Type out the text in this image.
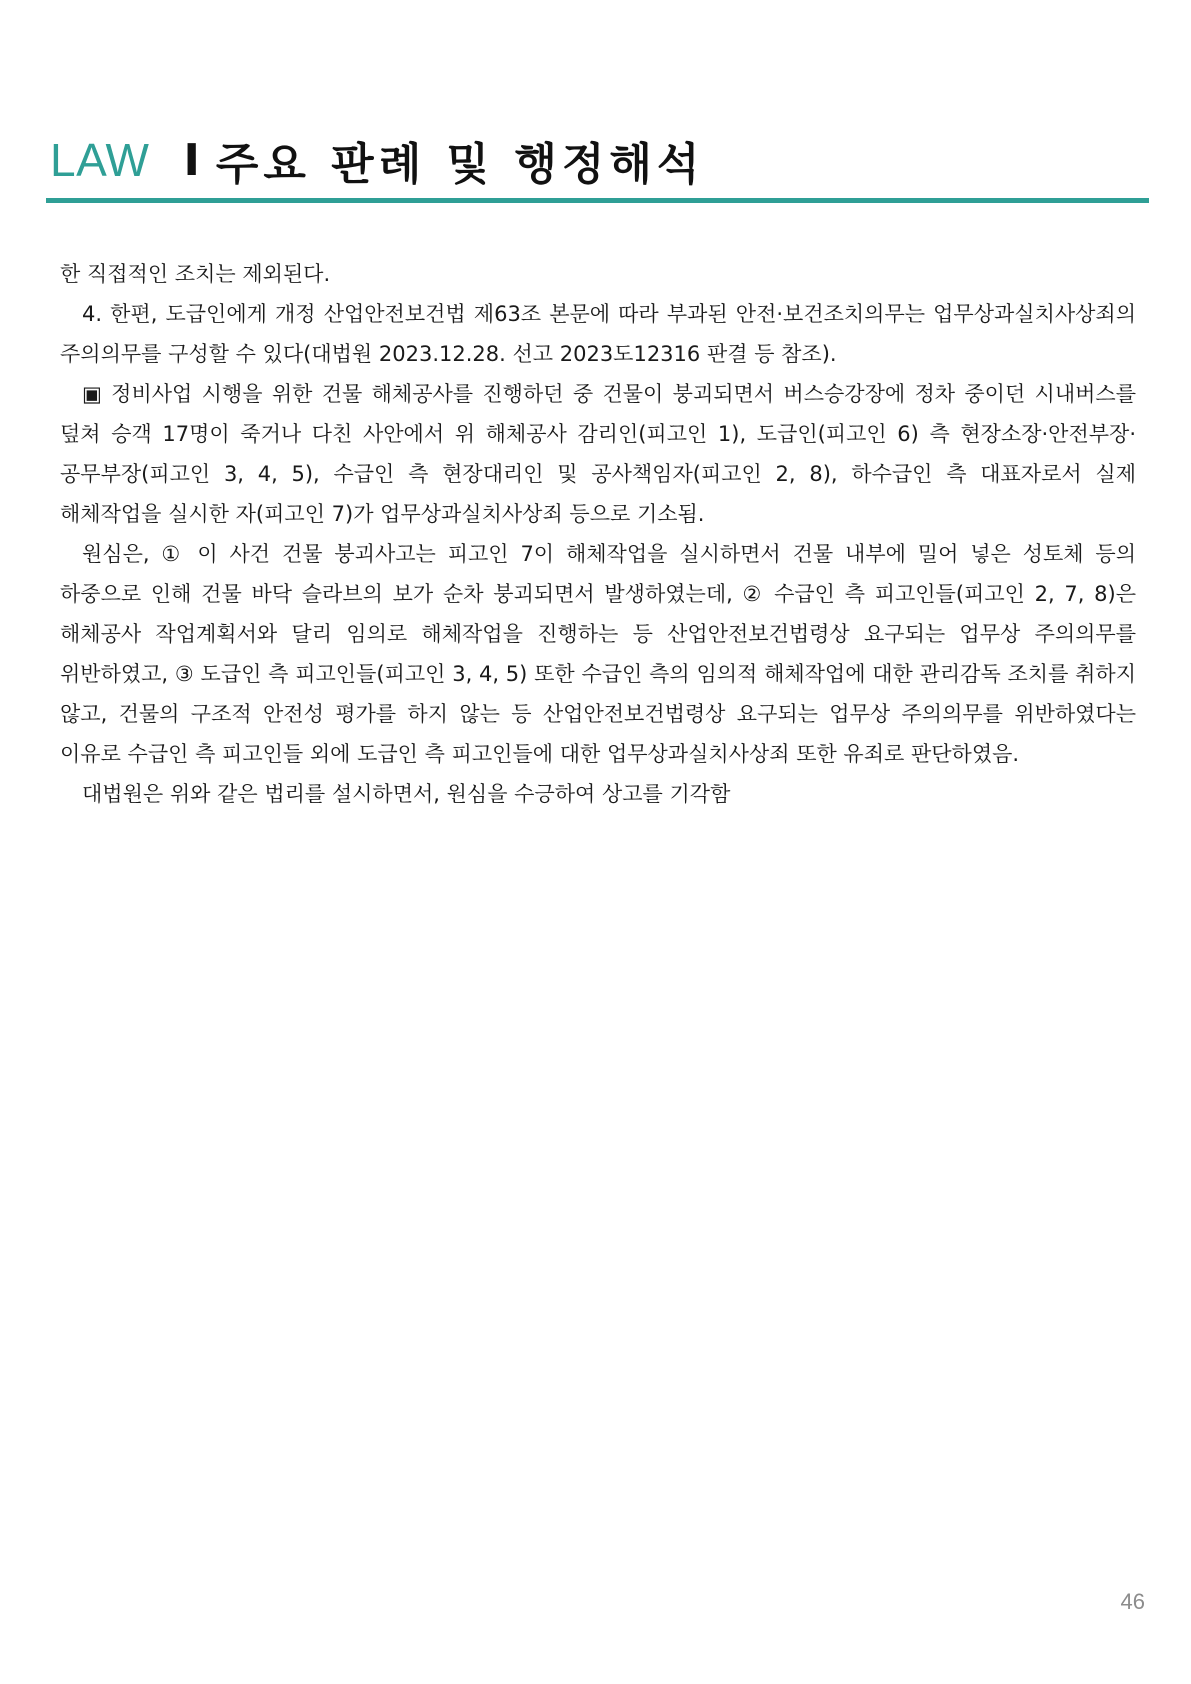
LAW I 주요 판례 및 행정해석

한 직접적인 조치는 제외된다.

4. 한편, 도급인에게 개정 산업안전보건법 제63조 본문에 따라 부과된 안전·보건조치의무는 업무상과실치사상죄의 주의의무를 구성할 수 있다(대법원 2023.12.28. 선고 2023도12316 판결 등 참조).

▣ 정비사업 시행을 위한 건물 해체공사를 진행하던 중 건물이 붕괴되면서 버스승강장에 정차 중이던 시내버스를 덮쳐 승객 17명이 죽거나 다친 사안에서 위 해체공사 감리인(피고인 1), 도급인(피고인 6) 측 현장소장·안전부장·공무부장(피고인 3, 4, 5), 수급인 측 현장대리인 및 공사책임자(피고인 2, 8), 하수급인 측 대표자로서 실제 해체작업을 실시한 자(피고인 7)가 업무상과실치사상죄 등으로 기소됨.

원심은, ① 이 사건 건물 붕괴사고는 피고인 7이 해체작업을 실시하면서 건물 내부에 밀어 넣은 성토체 등의 하중으로 인해 건물 바닥 슬라브의 보가 순차 붕괴되면서 발생하였는데, ② 수급인 측 피고인들(피고인 2, 7, 8)은 해체공사 작업계획서와 달리 임의로 해체작업을 진행하는 등 산업안전보건법령상 요구되는 업무상 주의의무를 위반하였고, ③ 도급인 측 피고인들(피고인 3, 4, 5) 또한 수급인 측의 임의적 해체작업에 대한 관리감독 조치를 취하지 않고, 건물의 구조적 안전성 평가를 하지 않는 등 산업안전보건법령상 요구되는 업무상 주의의무를 위반하였다는 이유로 수급인 측 피고인들 외에 도급인 측 피고인들에 대한 업무상과실치사상죄 또한 유죄로 판단하였음.

대법원은 위와 같은 법리를 설시하면서, 원심을 수긍하여 상고를 기각함

46
